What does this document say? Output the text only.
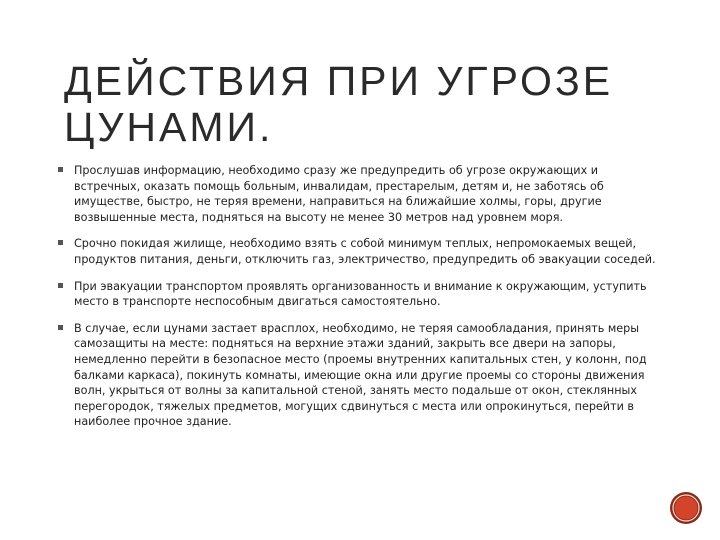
ДЕЙСТВИЯ ПРИ УГРОЗЕ
ЦУНАМИ.
Прослушав информацию, необходимо сразу же предупредить об угрозе окружающих и встречных, оказать помощь больным, инвалидам, престарелым, детям и, не заботясь об имуществе, быстро, не теряя времени, направиться на ближайшие холмы, горы, другие возвышенные места, подняться на высоту не менее 30 метров над уровнем моря.
Срочно покидая жилище, необходимо взять с собой минимум теплых, непромокаемых вещей, продуктов питания, деньги, отключить газ, электричество, предупредить об эвакуации соседей.
При эвакуации транспортом проявлять организованность и внимание к окружающим, уступить место в транспорте неспособным двигаться самостоятельно.
В случае, если цунами застает врасплох, необходимо, не теряя самообладания, принять меры самозащиты на месте: подняться на верхние этажи зданий, закрыть все двери на запоры, немедленно перейти в безопасное место (проемы внутренних капитальных стен, у колонн, под балками каркаса), покинуть комнаты, имеющие окна или другие проемы со стороны движения волн, укрыться от волны за капитальной стеной, занять место подальше от окон, стеклянных перегородок, тяжелых предметов, могущих сдвинуться с места или опрокинуться, перейти в наиболее прочное здание.
